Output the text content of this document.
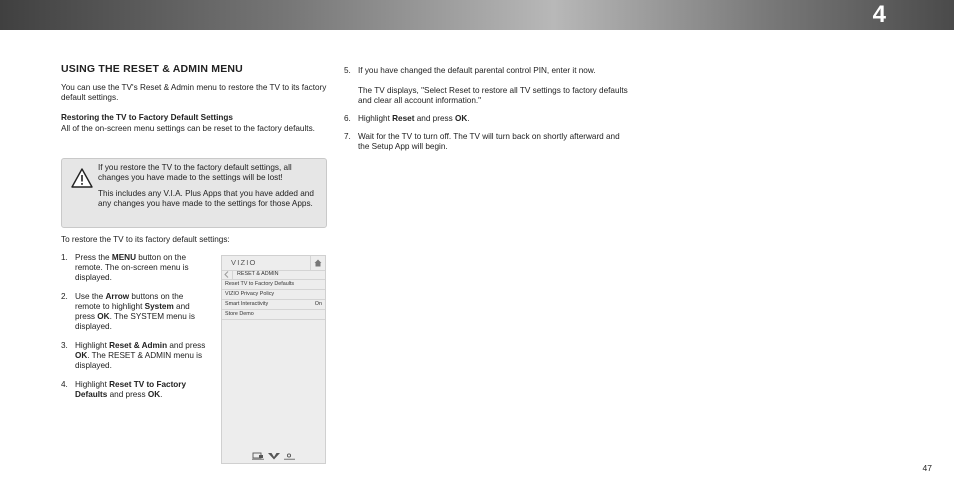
4
USING THE RESET & ADMIN MENU

You can use the TV's Reset & Admin menu to restore the TV to its factory default settings.

Restoring the TV to Factory Default Settings

All of the on-screen menu settings can be reset to the factory defaults.

If you restore the TV to the factory default settings, all changes you have made to the settings will be lost!

This includes any V.I.A. Plus Apps that you have added and any changes you have made to the settings for those Apps.

To restore the TV to its factory default settings:

1. Press the MENU button on the remote. The on-screen menu is displayed.
2. Use the Arrow buttons on the remote to highlight System and press OK. The SYSTEM menu is displayed.
3. Highlight Reset & Admin and press OK. The RESET & ADMIN menu is displayed.
4. Highlight Reset TV to Factory Defaults and press OK.
VIZIO
RESET & ADMIN
Reset TV to Factory Defaults
VIZIO Privacy Policy
Smart Interactivity	On
Store Demo
5. If you have changed the default parental control PIN, enter it now.

The TV displays, "Select Reset to restore all TV settings to factory defaults and clear all account information."

6. Highlight Reset and press OK.
7. Wait for the TV to turn off. The TV will turn back on shortly afterward and the Setup App will begin.
47
